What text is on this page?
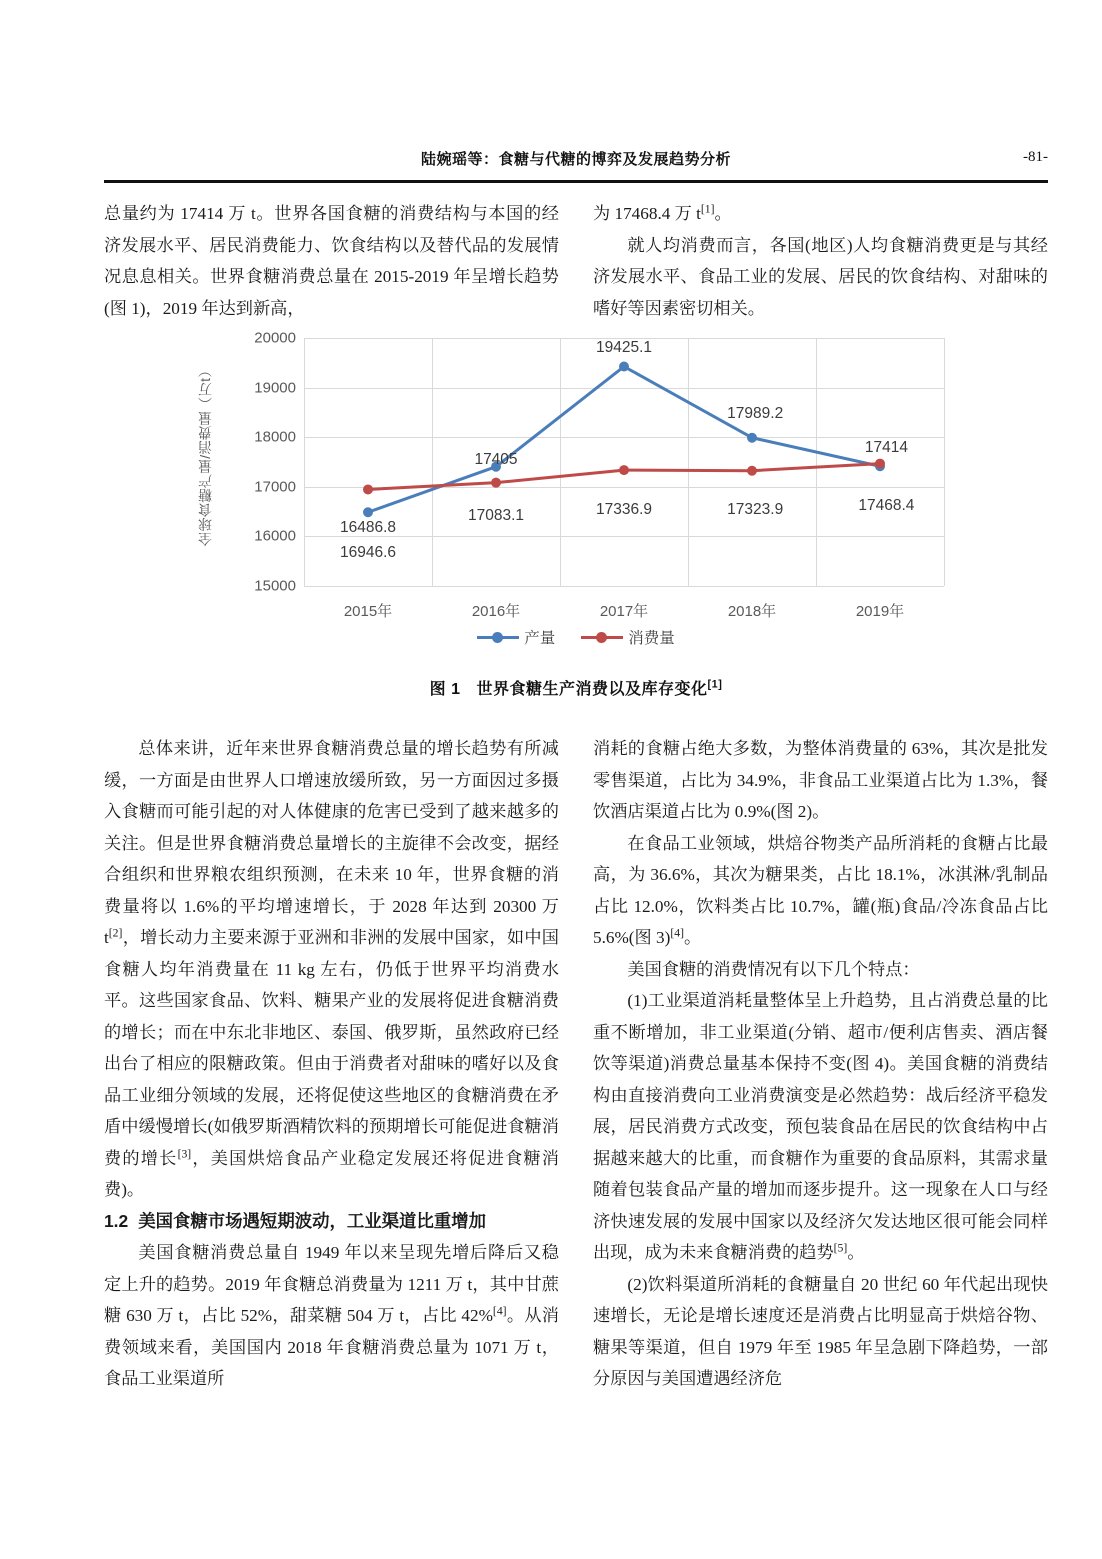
陆婉瑶等：食糖与代糖的博弈及发展趋势分析	-81-

总量约为 17414 万 t。世界各国食糖的消费结构与本国的经济发展水平、居民消费能力、饮食结构以及替代品的发展情况息息相关。世界食糖消费总量在 2015-2019 年呈增长趋势(图 1)，2019 年达到新高，

为 17468.4 万 t[1]。

就人均消费而言，各国(地区)人均食糖消费更是与其经济发展水平、食品工业的发展、居民的饮食结构、对甜味的嗜好等因素密切相关。

全球食糖产量/消费量（万t）
15000
16000
17000
18000
19000
20000
2015年	2016年	2017年	2018年	2019年
16486.8
17405
19425.1
17989.2
17414
16946.6
17083.1	17336.9	17323.9	17468.4
产量	消费量
图 1 世界食糖生产消费以及库存变化[1]

总体来讲，近年来世界食糖消费总量的增长趋势有所减缓，一方面是由世界人口增速放缓所致，另一方面因过多摄入食糖而可能引起的对人体健康的危害已受到了越来越多的关注。但是世界食糖消费总量增长的主旋律不会改变，据经合组织和世界粮农组织预测，在未来 10 年，世界食糖的消费量将以 1.6%的平均增速增长，于 2028 年达到 20300 万 t[2]，增长动力主要来源于亚洲和非洲的发展中国家，如中国食糖人均年消费量在 11 kg 左右，仍低于世界平均消费水平。这些国家食品、饮料、糖果产业的发展将促进食糖消费的增长；而在中东北非地区、泰国、俄罗斯，虽然政府已经出台了相应的限糖政策。但由于消费者对甜味的嗜好以及食品工业细分领域的发展，还将促使这些地区的食糖消费在矛盾中缓慢增长(如俄罗斯酒精饮料的预期增长可能促进食糖消费的增长[3]，美国烘焙食品产业稳定发展还将促进食糖消费)。

1.2 美国食糖市场遇短期波动，工业渠道比重增加

美国食糖消费总量自 1949 年以来呈现先增后降后又稳定上升的趋势。2019 年食糖总消费量为 1211 万 t，其中甘蔗糖 630 万 t，占比 52%，甜菜糖 504 万 t，占比 42%[4]。从消费领域来看，美国国内 2018 年食糖消费总量为 1071 万 t，食品工业渠道所

消耗的食糖占绝大多数，为整体消费量的 63%，其次是批发零售渠道，占比为 34.9%，非食品工业渠道占比为 1.3%，餐饮酒店渠道占比为 0.9%(图 2)。

在食品工业领域，烘焙谷物类产品所消耗的食糖占比最高，为 36.6%，其次为糖果类，占比 18.1%，冰淇淋/乳制品占比 12.0%，饮料类占比 10.7%，罐(瓶)食品/冷冻食品占比 5.6%(图 3)[4]。

美国食糖的消费情况有以下几个特点：

(1)工业渠道消耗量整体呈上升趋势，且占消费总量的比重不断增加，非工业渠道(分销、超市/便利店售卖、酒店餐饮等渠道)消费总量基本保持不变(图 4)。美国食糖的消费结构由直接消费向工业消费演变是必然趋势：战后经济平稳发展，居民消费方式改变，预包装食品在居民的饮食结构中占据越来越大的比重，而食糖作为重要的食品原料，其需求量随着包装食品产量的增加而逐步提升。这一现象在人口与经济快速发展的发展中国家以及经济欠发达地区很可能会同样出现，成为未来食糖消费的趋势[5]。

(2)饮料渠道所消耗的食糖量自 20 世纪 60 年代起出现快速增长，无论是增长速度还是消费占比明显高于烘焙谷物、糖果等渠道，但自 1979 年至 1985 年呈急剧下降趋势，一部分原因与美国遭遇经济危
